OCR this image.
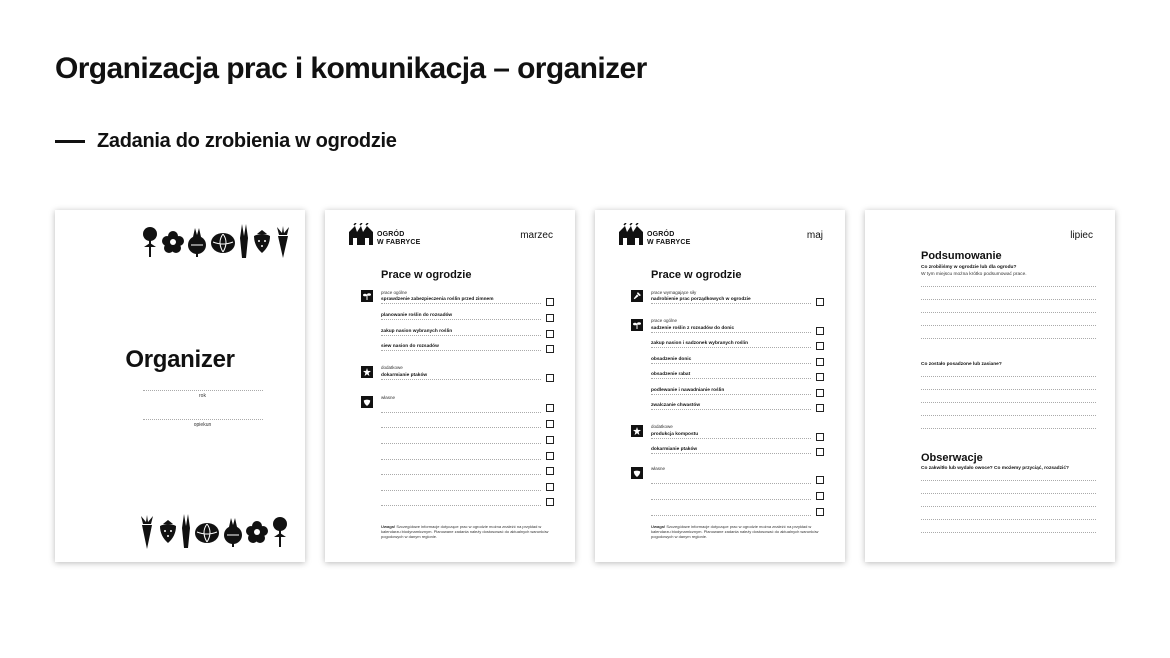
Organizacja prac i komunikacja – organizer
Zadania do zrobienia w ogrodzie
Organizer
rok
opiekun
OGRÓD
W FABRYCE
marzec
Prace w ogrodzie
prace ogólne
sprawdzenie zabezpieczenia roślin przed zimnem
planowanie roślin do rozsadów
zakup nasion wybranych roślin
siew nasion do rozsadów
dodatkowe
dokarmianie ptaków
własne
Uwaga! Szczegółowe informacje dotyczące prac w ogrodzie można znaleźć na przykład w kalendarzu biodynamicznym. Planowane zadania należy dostosować do aktualnych warunków pogodowych w danym regionie.
OGRÓD
W FABRYCE
maj
Prace w ogrodzie
prace wymagające siły
nadrobienie prac porządkowych w ogrodzie
prace ogólne
sadzenie roślin z rozsadów do donic
zakup nasion i sadzonek wybranych roślin
obsadzenie donic
obsadzenie rabat
podlewanie i nawadnianie roślin
zwalczanie chwastów
dodatkowe
produkcja kompostu
dokarmianie ptaków
własne
Uwaga! Szczegółowe informacje dotyczące prac w ogrodzie można znaleźć na przykład w kalendarzu biodynamicznym. Planowane zadania należy dostosować do aktualnych warunków pogodowych w danym regionie.
lipiec
Podsumowanie
Co zrobiliśmy w ogrodzie lub dla ogrodu?
W tym miejscu można krótko podsumować prace.
Co zostało posadzone lub zasiane?
Obserwacje
Co zakwitło lub wydało owoce? Co możemy przyciąć, rozsadzić?
